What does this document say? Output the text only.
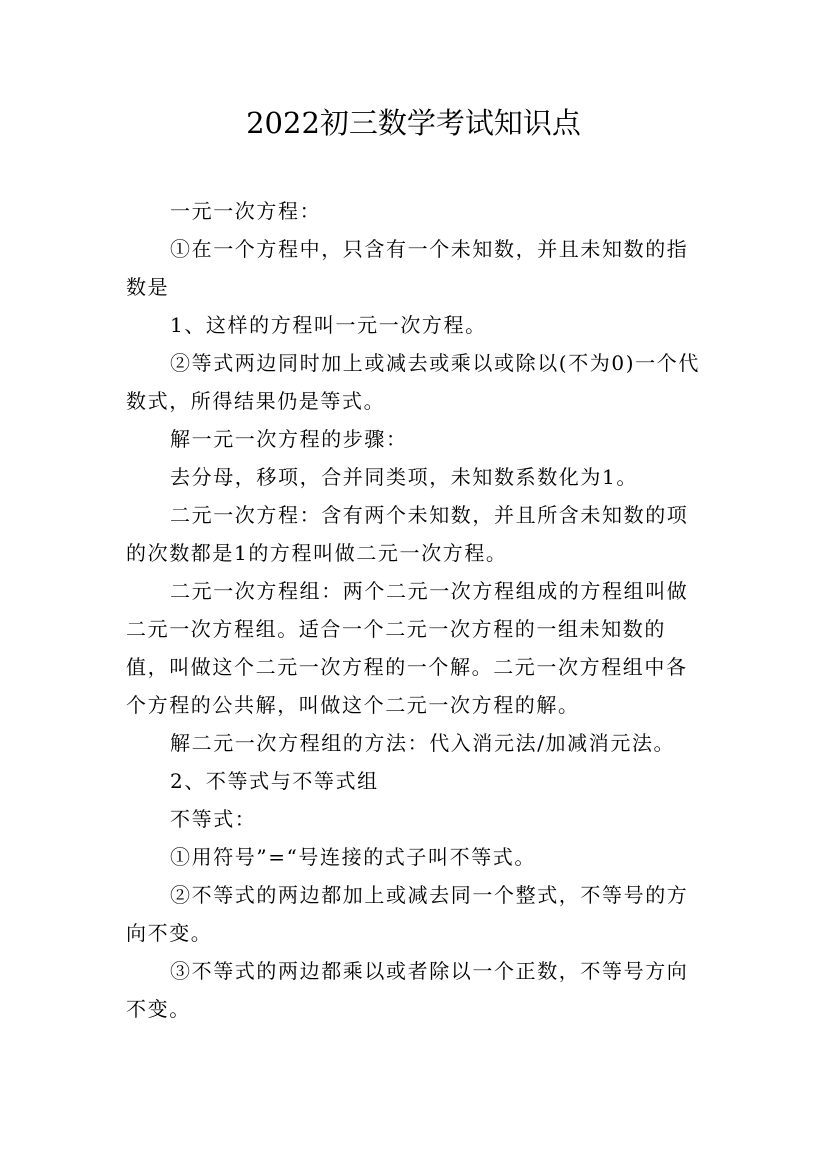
2022初三数学考试知识点

一元一次方程：

①在一个方程中，只含有一个未知数，并且未知数的指数是

1、这样的方程叫一元一次方程。

②等式两边同时加上或减去或乘以或除以(不为0)一个代数式，所得结果仍是等式。

解一元一次方程的步骤：

去分母，移项，合并同类项，未知数系数化为1。

二元一次方程：含有两个未知数，并且所含未知数的项的次数都是1的方程叫做二元一次方程。

二元一次方程组：两个二元一次方程组成的方程组叫做二元一次方程组。适合一个二元一次方程的一组未知数的值，叫做这个二元一次方程的一个解。二元一次方程组中各个方程的公共解，叫做这个二元一次方程的解。

解二元一次方程组的方法：代入消元法/加减消元法。

2、不等式与不等式组

不等式：

①用符号”=“号连接的式子叫不等式。

②不等式的两边都加上或减去同一个整式，不等号的方向不变。

③不等式的两边都乘以或者除以一个正数，不等号方向不变。
